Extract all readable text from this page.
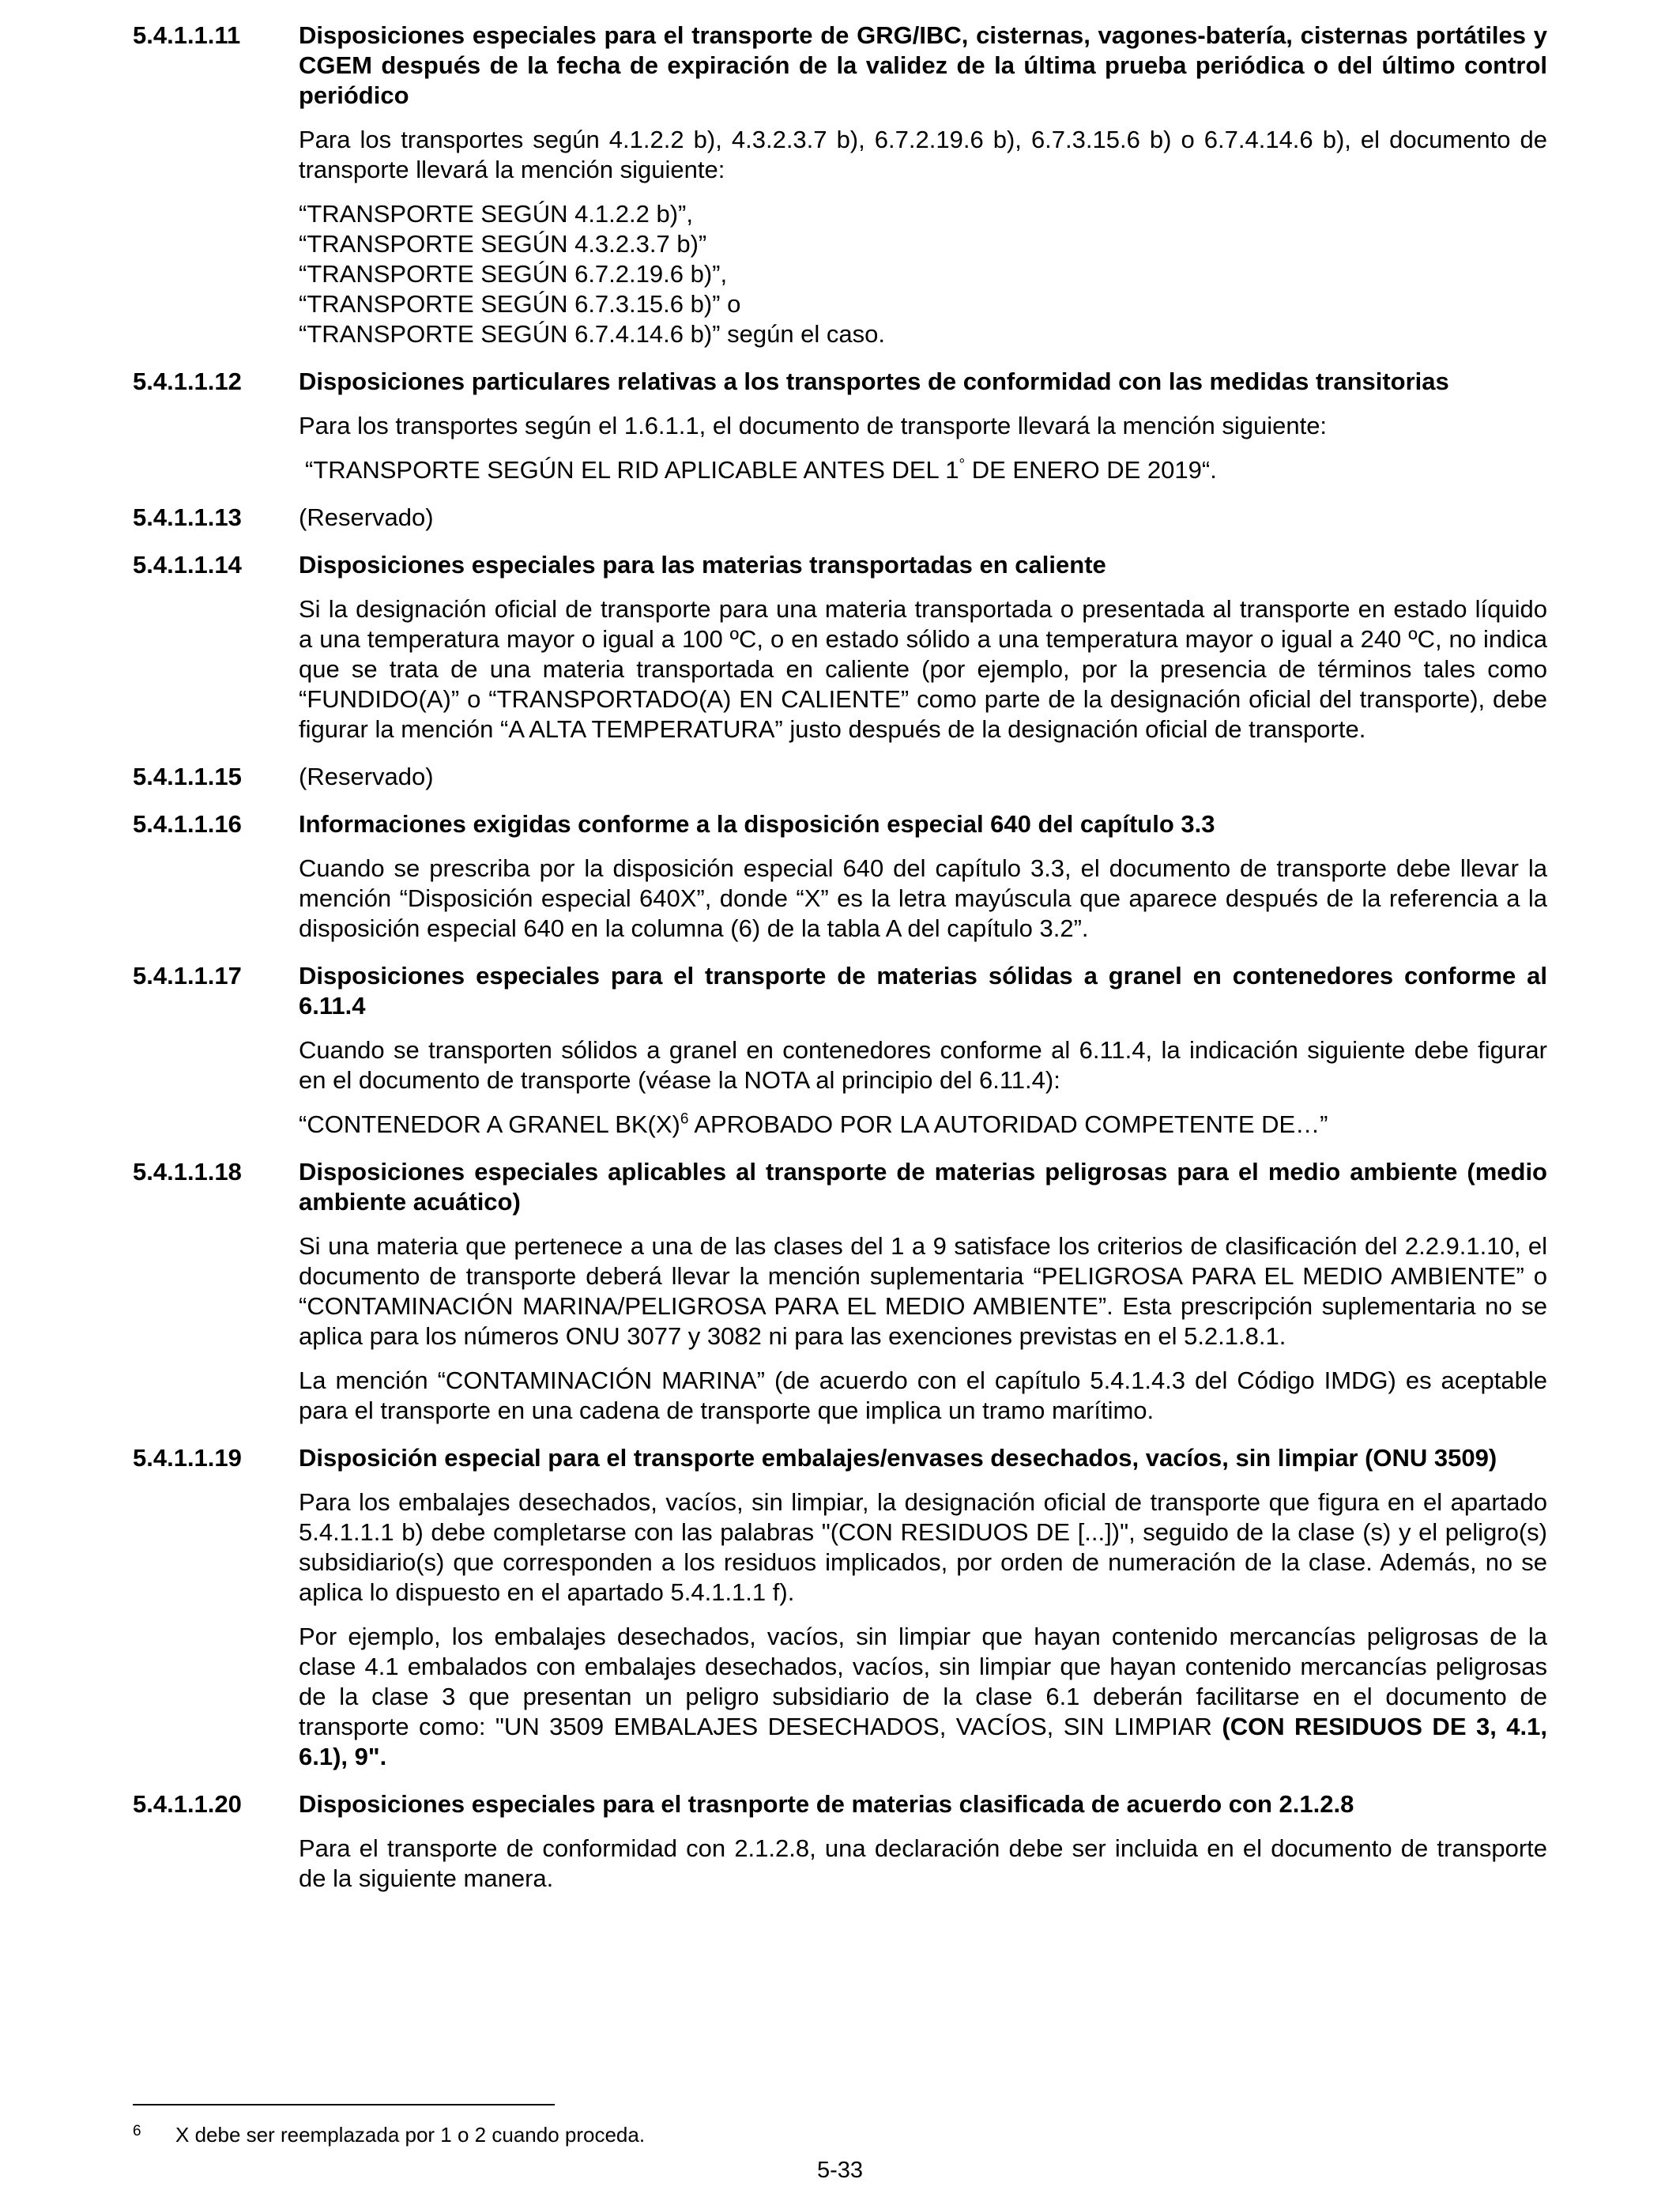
5.4.1.1.11	Disposiciones especiales para el transporte de GRG/IBC, cisternas, vagones-batería, cisternas portátiles y CGEM después de la fecha de expiración de la validez de la última prueba periódica o del último control periódico
Para los transportes según 4.1.2.2 b), 4.3.2.3.7 b), 6.7.2.19.6 b), 6.7.3.15.6 b) o 6.7.4.14.6 b), el documento de transporte llevará la mención siguiente:
“TRANSPORTE SEGÚN 4.1.2.2 b)”,
“TRANSPORTE SEGÚN 4.3.2.3.7 b)”
“TRANSPORTE SEGÚN 6.7.2.19.6 b)”,
“TRANSPORTE SEGÚN 6.7.3.15.6 b)” o
“TRANSPORTE SEGÚN 6.7.4.14.6 b)” según el caso.
5.4.1.1.12	Disposiciones particulares relativas a los transportes de conformidad con las medidas transitorias
Para los transportes según el 1.6.1.1, el documento de transporte llevará la mención siguiente:
“TRANSPORTE SEGÚN EL RID APLICABLE ANTES DEL 1° DE ENERO DE 2019“.
5.4.1.1.13	(Reservado)
5.4.1.1.14	Disposiciones especiales para las materias transportadas en caliente
Si la designación oficial de transporte para una materia transportada o presentada al transporte en estado líquido a una temperatura mayor o igual a 100 ºC, o en estado sólido a una temperatura mayor o igual a 240 ºC, no indica que se trata de una materia transportada en caliente (por ejemplo, por la presencia de términos tales como “FUNDIDO(A)” o “TRANSPORTADO(A) EN CALIENTE” como parte de la designación oficial del transporte), debe figurar la mención “A ALTA TEMPERATURA” justo después de la designación oficial de transporte.
5.4.1.1.15	(Reservado)
5.4.1.1.16	Informaciones exigidas conforme a la disposición especial 640 del capítulo 3.3
Cuando se prescriba por la disposición especial 640 del capítulo 3.3, el documento de transporte debe llevar la mención “Disposición especial 640X”, donde “X” es la letra mayúscula que aparece después de la referencia a la disposición especial 640 en la columna (6) de la tabla A del capítulo 3.2”.
5.4.1.1.17	Disposiciones especiales para el transporte de materias sólidas a granel en contenedores conforme al 6.11.4
Cuando se transporten sólidos a granel en contenedores conforme al 6.11.4, la indicación siguiente debe figurar en el documento de transporte (véase la NOTA al principio del 6.11.4):
“CONTENEDOR A GRANEL $BK(X)^6$ APROBADO POR LA AUTORIDAD COMPETENTE DE…”
5.4.1.1.18	Disposiciones especiales aplicables al transporte de materias peligrosas para el medio ambiente (medio ambiente acuático)
Si una materia que pertenece a una de las clases del 1 a 9 satisface los criterios de clasificación del 2.2.9.1.10, el documento de transporte deberá llevar la mención suplementaria “PELIGROSA PARA EL MEDIO AMBIENTE” o “CONTAMINACIÓN MARINA/PELIGROSA PARA EL MEDIO AMBIENTE”. Esta prescripción suplementaria no se aplica para los números ONU 3077 y 3082 ni para las exenciones previstas en el 5.2.1.8.1.
La mención “CONTAMINACIÓN MARINA” (de acuerdo con el capítulo 5.4.1.4.3 del Código IMDG) es aceptable para el transporte en una cadena de transporte que implica un tramo marítimo.
5.4.1.1.19	Disposición especial para el transporte embalajes/envases desechados, vacíos, sin limpiar (ONU 3509)
Para los embalajes desechados, vacíos, sin limpiar, la designación oficial de transporte que figura en el apartado 5.4.1.1.1 b) debe completarse con las palabras "(CON RESIDUOS DE [...])", seguido de la clase (s) y el peligro(s) subsidiario(s) que corresponden a los residuos implicados, por orden de numeración de la clase. Además, no se aplica lo dispuesto en el apartado 5.4.1.1.1 f).
Por ejemplo, los embalajes desechados, vacíos, sin limpiar que hayan contenido mercancías peligrosas de la clase 4.1 embalados con embalajes desechados, vacíos, sin limpiar que hayan contenido mercancías peligrosas de la clase 3 que presentan un peligro subsidiario de la clase 6.1 deberán facilitarse en el documento de transporte como: "UN 3509 EMBALAJES DESECHADOS, VACÍOS, SIN LIMPIAR (CON RESIDUOS DE 3, 4.1, 6.1), 9".
5.4.1.1.20	Disposiciones especiales para el trasnporte de materias clasificada de acuerdo con 2.1.2.8
Para el transporte de conformidad con 2.1.2.8, una declaración debe ser incluida en el documento de transporte de la siguiente manera.
6	X debe ser reemplazada por 1 o 2 cuando proceda.
5-33
